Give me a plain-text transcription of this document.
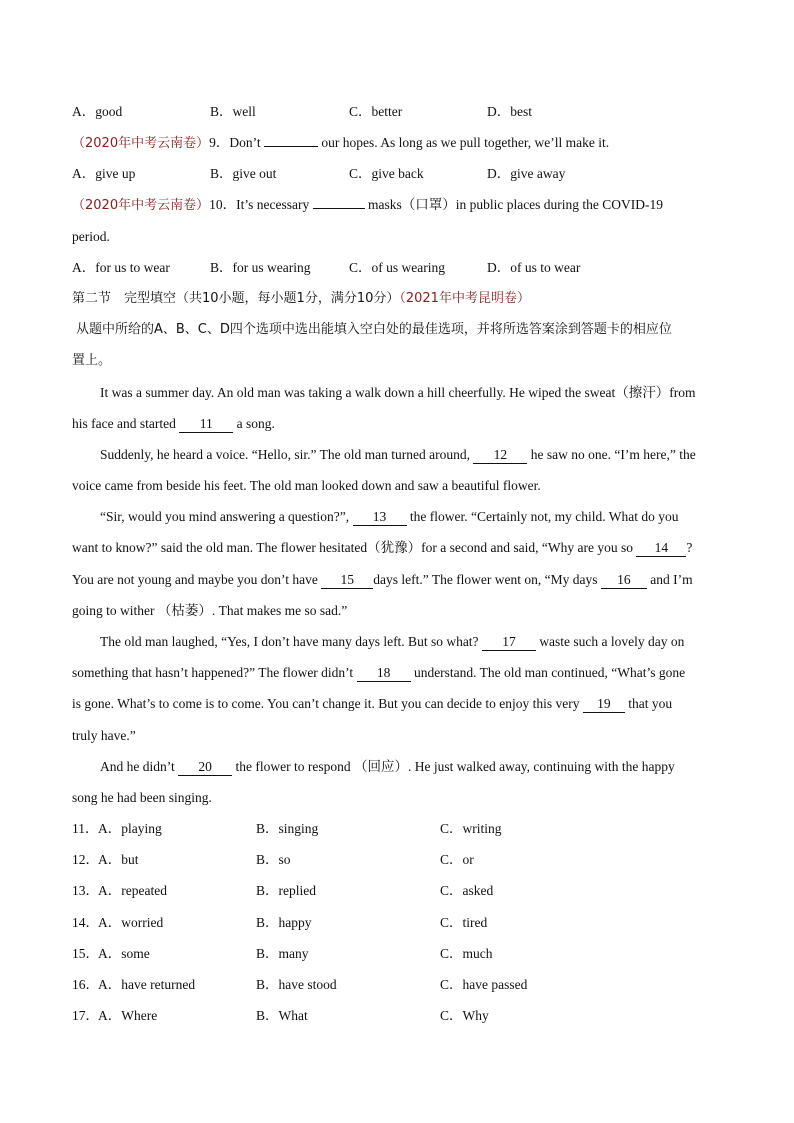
A．good	B．well	C．better	D．best
（2020年中考云南卷）9．Don’t	our hopes. As long as we pull together, we’ll make it.
A．give up	B．give out	C．give back	D．give away
（2020年中考云南卷）10．It’s necessary	masks（口罩）in public places during the COVID-19
period.
A．for us to wear	B．for us wearing	C．of us wearing	D．of us to wear
第二节　完型填空（共10小题，每小题1分，满分10分）（2021年中考昆明卷）
从题中所给的A、B、C、D四个选项中选出能填入空白处的最佳选项，并将所选答案涂到答题卡的相应位
置上。
It was a summer day. An old man was taking a walk down a hill cheerfully. He wiped the sweat（擦汗）from
his face and started 11 a song.
Suddenly, he heard a voice. “Hello, sir.” The old man turned around, 12 he saw no one. “I’m here,” the
voice came from beside his feet. The old man looked down and saw a beautiful flower.
“Sir, would you mind answering a question?”, 13 the flower. “Certainly not, my child. What do you
want to know?” said the old man. The flower hesitated（犹豫）for a second and said, “Why are you so 14 ?
You are not young and maybe you don’t have 15 days left.” The flower went on, “My days 16 and I’m
going to wither （枯萎）. That makes me so sad.”
The old man laughed, “Yes, I don’t have many days left. But so what? 17 waste such a lovely day on
something that hasn’t happened?” The flower didn’t 18 understand. The old man continued, “What’s gone
is gone. What’s to come is to come. You can’t change it. But you can decide to enjoy this very 19 that you
truly have.”
And he didn’t 20 the flower to respond （回应）. He just walked away, continuing with the happy
song he had been singing.
11． A．playing	B．singing	C．writing
12． A．but	B．so	C．or
13． A．repeated	B．replied	C．asked
14． A．worried	B．happy	C．tired
15． A．some	B．many	C．much
16． A．have returned	B．have stood	C．have passed
17． A．Where	B．What	C．Why
